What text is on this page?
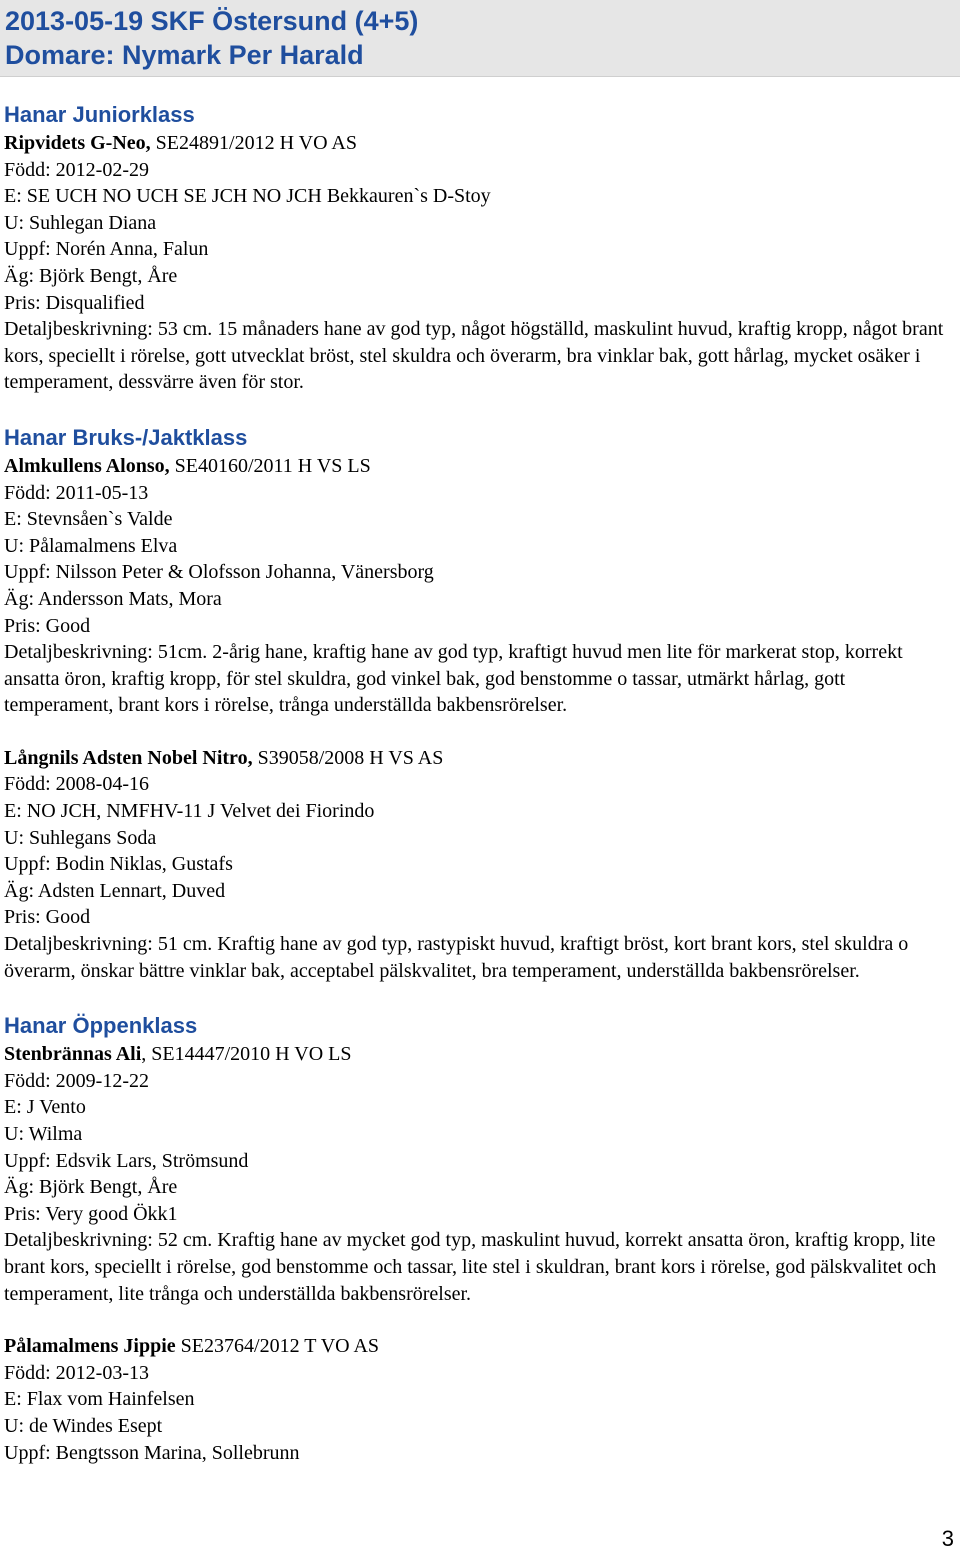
2013-05-19 SKF Östersund (4+5)
Domare: Nymark Per Harald
Hanar Juniorklass
Ripvidets G-Neo, SE24891/2012 H VO AS
Född: 2012-02-29
E: SE UCH NO UCH SE JCH NO JCH Bekkauren`s D-Stoy
U: Suhlegan Diana
Uppf: Norén Anna, Falun
Äg: Björk Bengt, Åre
Pris: Disqualified
Detaljbeskrivning: 53 cm. 15 månaders hane av god typ, något högställd, maskulint huvud, kraftig kropp, något brant kors, speciellt i rörelse, gott utvecklat bröst, stel skuldra och överarm, bra vinklar bak, gott hårlag, mycket osäker i temperament, dessvärre även för stor.
Hanar Bruks-/Jaktklass
Almkullens Alonso, SE40160/2011 H VS LS
Född: 2011-05-13
E: Stevnsåen`s Valde
U: Pålamalmens Elva
Uppf: Nilsson Peter & Olofsson Johanna, Vänersborg
Äg: Andersson Mats, Mora
Pris: Good
Detaljbeskrivning: 51cm. 2-årig hane, kraftig hane av god typ, kraftigt huvud men lite för markerat stop, korrekt ansatta öron, kraftig kropp, för stel skuldra, god vinkel bak, god benstomme o tassar, utmärkt hårlag, gott temperament, brant kors i rörelse, trånga underställda bakbensrörelser.
Långnils Adsten Nobel Nitro, S39058/2008 H VS AS
Född: 2008-04-16
E: NO JCH, NMFHV-11 J Velvet dei Fiorindo
U: Suhlegans Soda
Uppf: Bodin Niklas, Gustafs
Äg: Adsten Lennart, Duved
Pris: Good
Detaljbeskrivning: 51 cm. Kraftig hane av god typ, rastypiskt huvud, kraftigt bröst, kort brant kors, stel skuldra o överarm, önskar bättre vinklar bak, acceptabel pälskvalitet, bra temperament, underställda bakbensrörelser.
Hanar Öppenklass
Stenbrännas Ali, SE14447/2010 H VO LS
Född: 2009-12-22
E: J Vento
U: Wilma
Uppf: Edsvik Lars, Strömsund
Äg: Björk Bengt, Åre
Pris: Very good Ökk1
Detaljbeskrivning: 52 cm. Kraftig hane av mycket god typ, maskulint huvud, korrekt ansatta öron, kraftig kropp, lite brant kors, speciellt i rörelse, god benstomme och tassar, lite stel i skuldran, brant kors i rörelse, god pälskvalitet och temperament, lite trånga och underställda bakbensrörelser.
Pålamalmens Jippie SE23764/2012 T VO AS
Född: 2012-03-13
E: Flax vom Hainfelsen
U: de Windes Esept
Uppf: Bengtsson Marina, Sollebrunn
3
